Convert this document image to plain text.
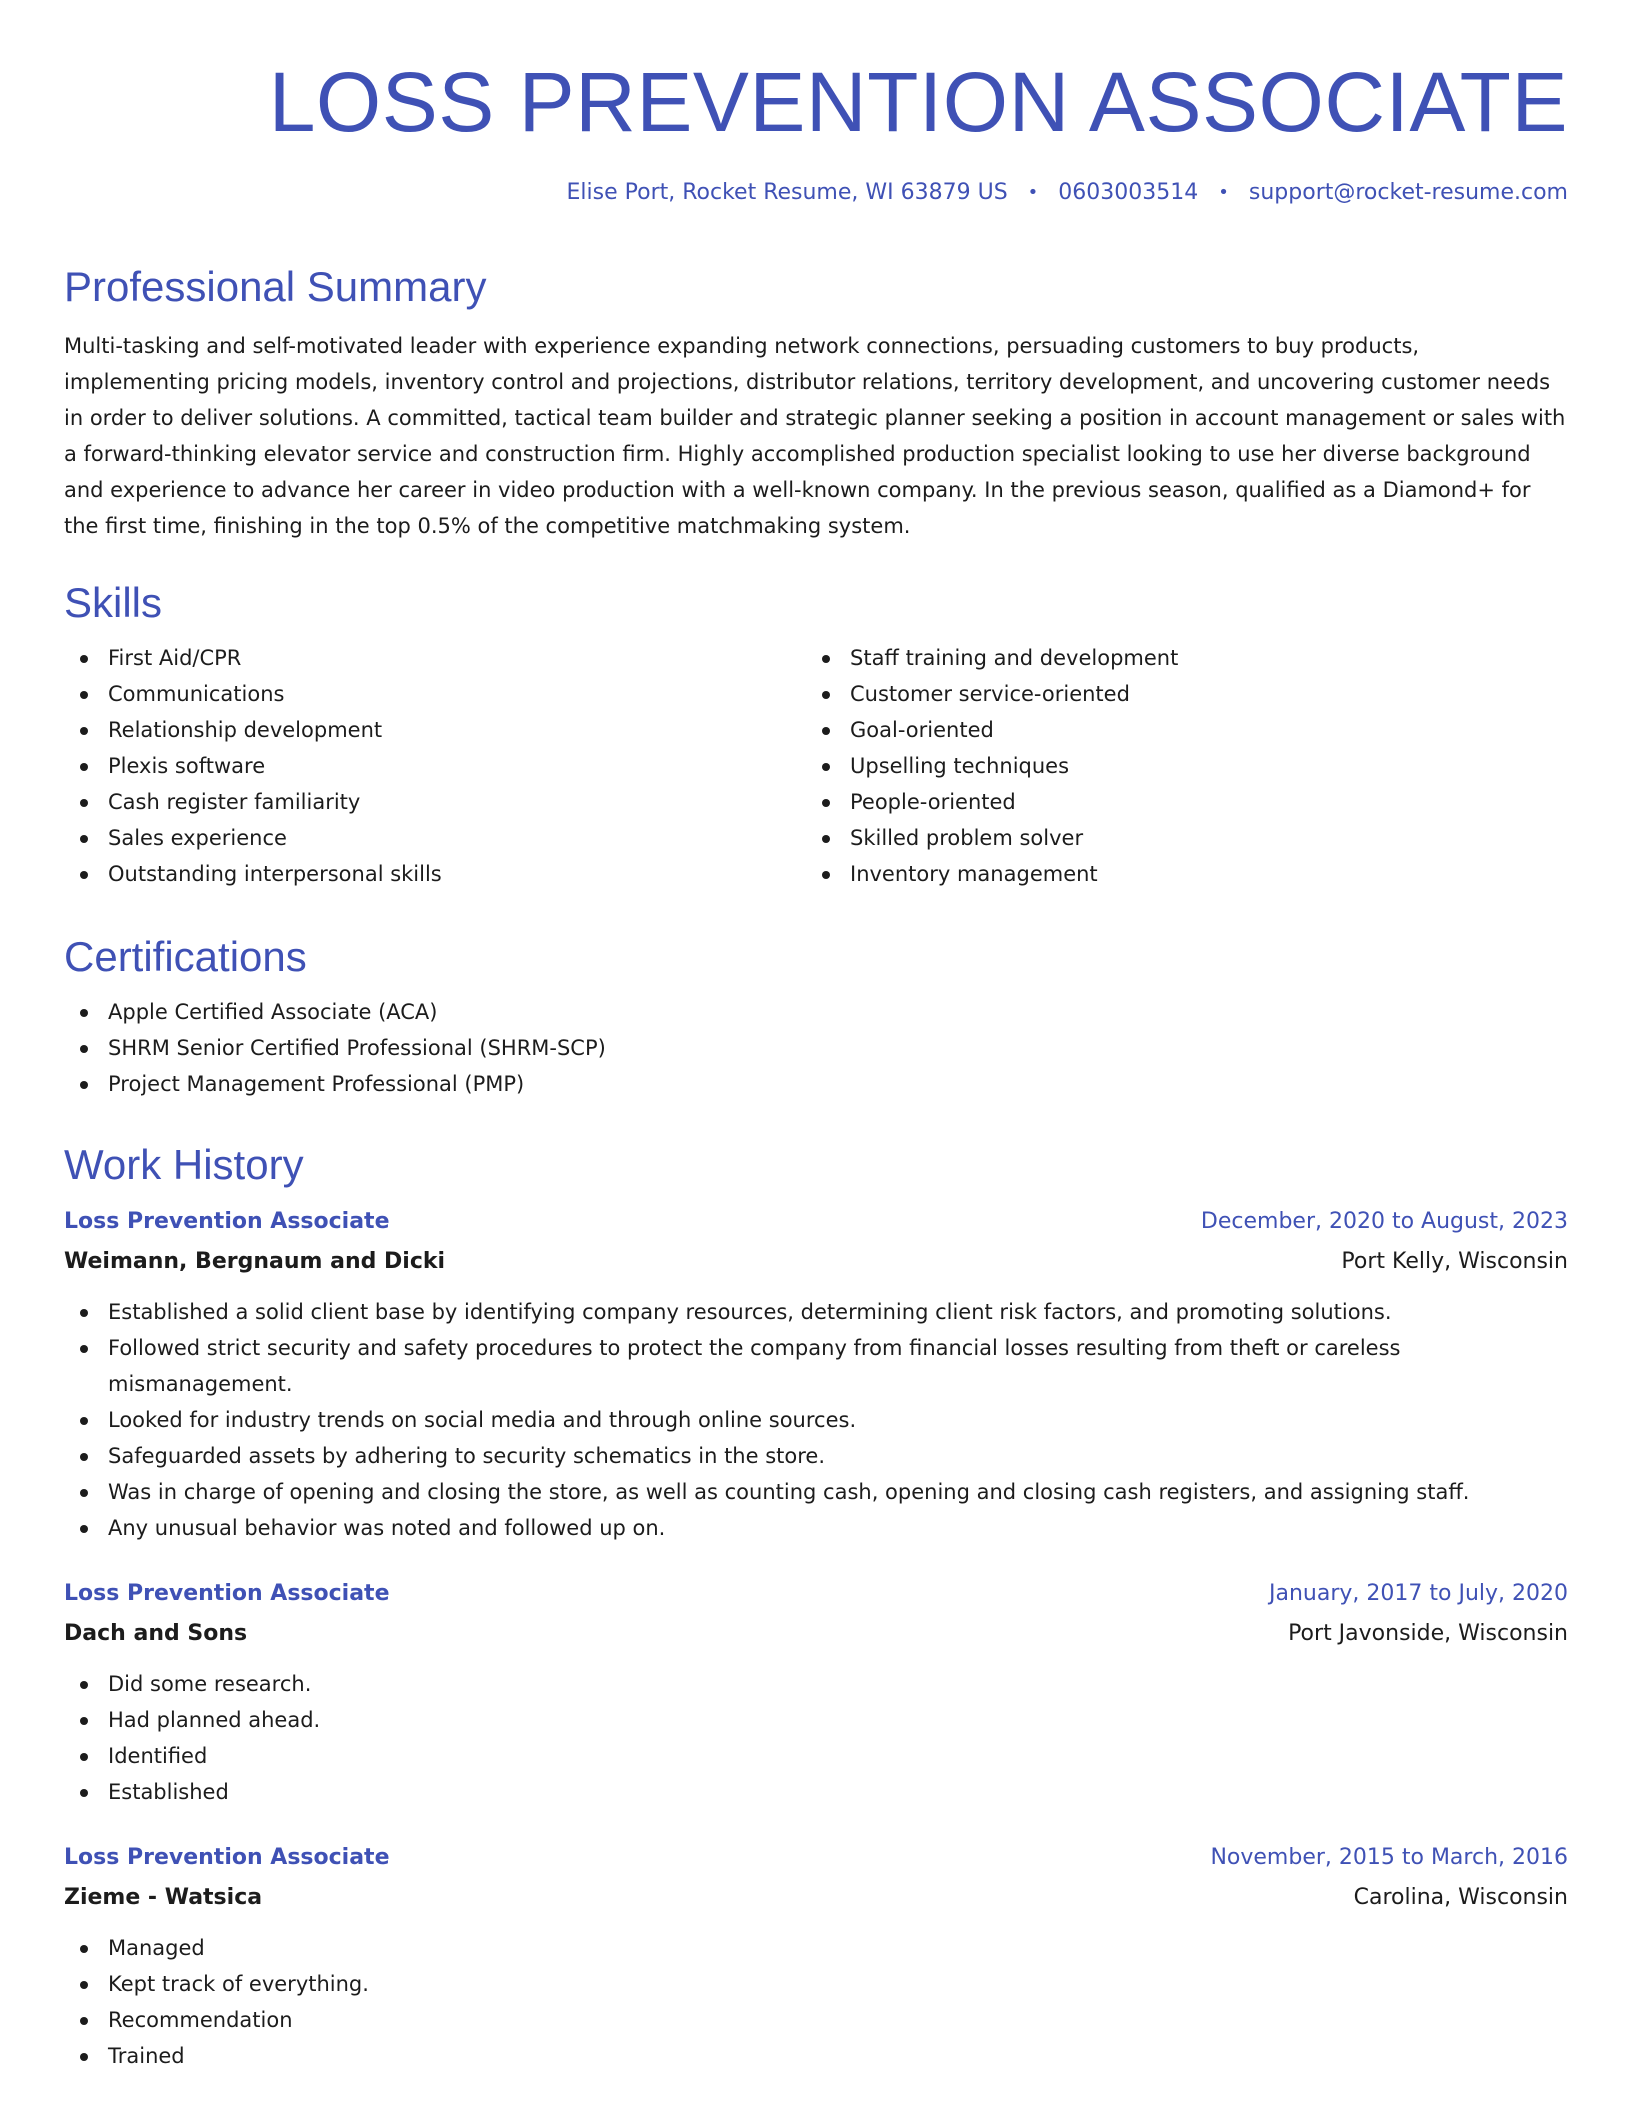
LOSS PREVENTION ASSOCIATE
Elise Port, Rocket Resume, WI 63879 US • 0603003514 • support@rocket-resume.com
Professional Summary

Multi-tasking and self-motivated leader with experience expanding network connections, persuading customers to buy products, implementing pricing models, inventory control and projections, distributor relations, territory development, and uncovering customer needs in order to deliver solutions. A committed, tactical team builder and strategic planner seeking a position in account management or sales with a forward-thinking elevator service and construction firm. Highly accomplished production specialist looking to use her diverse background and experience to advance her career in video production with a well-known company. In the previous season, qualified as a Diamond+ for the first time, finishing in the top 0.5% of the competitive matchmaking system.

Skills
First Aid/CPR
Communications
Relationship development
Plexis software
Cash register familiarity
Sales experience
Outstanding interpersonal skills
Staff training and development
Customer service-oriented
Goal-oriented
Upselling techniques
People-oriented
Skilled problem solver
Inventory management
Certifications
Apple Certified Associate (ACA)
SHRM Senior Certified Professional (SHRM-SCP)
Project Management Professional (PMP)
Work History
Loss Prevention Associate	December, 2020 to August, 2023
Weimann, Bergnaum and Dicki	Port Kelly, Wisconsin
Established a solid client base by identifying company resources, determining client risk factors, and promoting solutions.
Followed strict security and safety procedures to protect the company from financial losses resulting from theft or careless mismanagement.
Looked for industry trends on social media and through online sources.
Safeguarded assets by adhering to security schematics in the store.
Was in charge of opening and closing the store, as well as counting cash, opening and closing cash registers, and assigning staff.
Any unusual behavior was noted and followed up on.
Loss Prevention Associate	January, 2017 to July, 2020
Dach and Sons	Port Javonside, Wisconsin
Did some research.
Had planned ahead.
Identified
Established
Loss Prevention Associate	November, 2015 to March, 2016
Zieme - Watsica	Carolina, Wisconsin
Managed
Kept track of everything.
Recommendation
Trained
